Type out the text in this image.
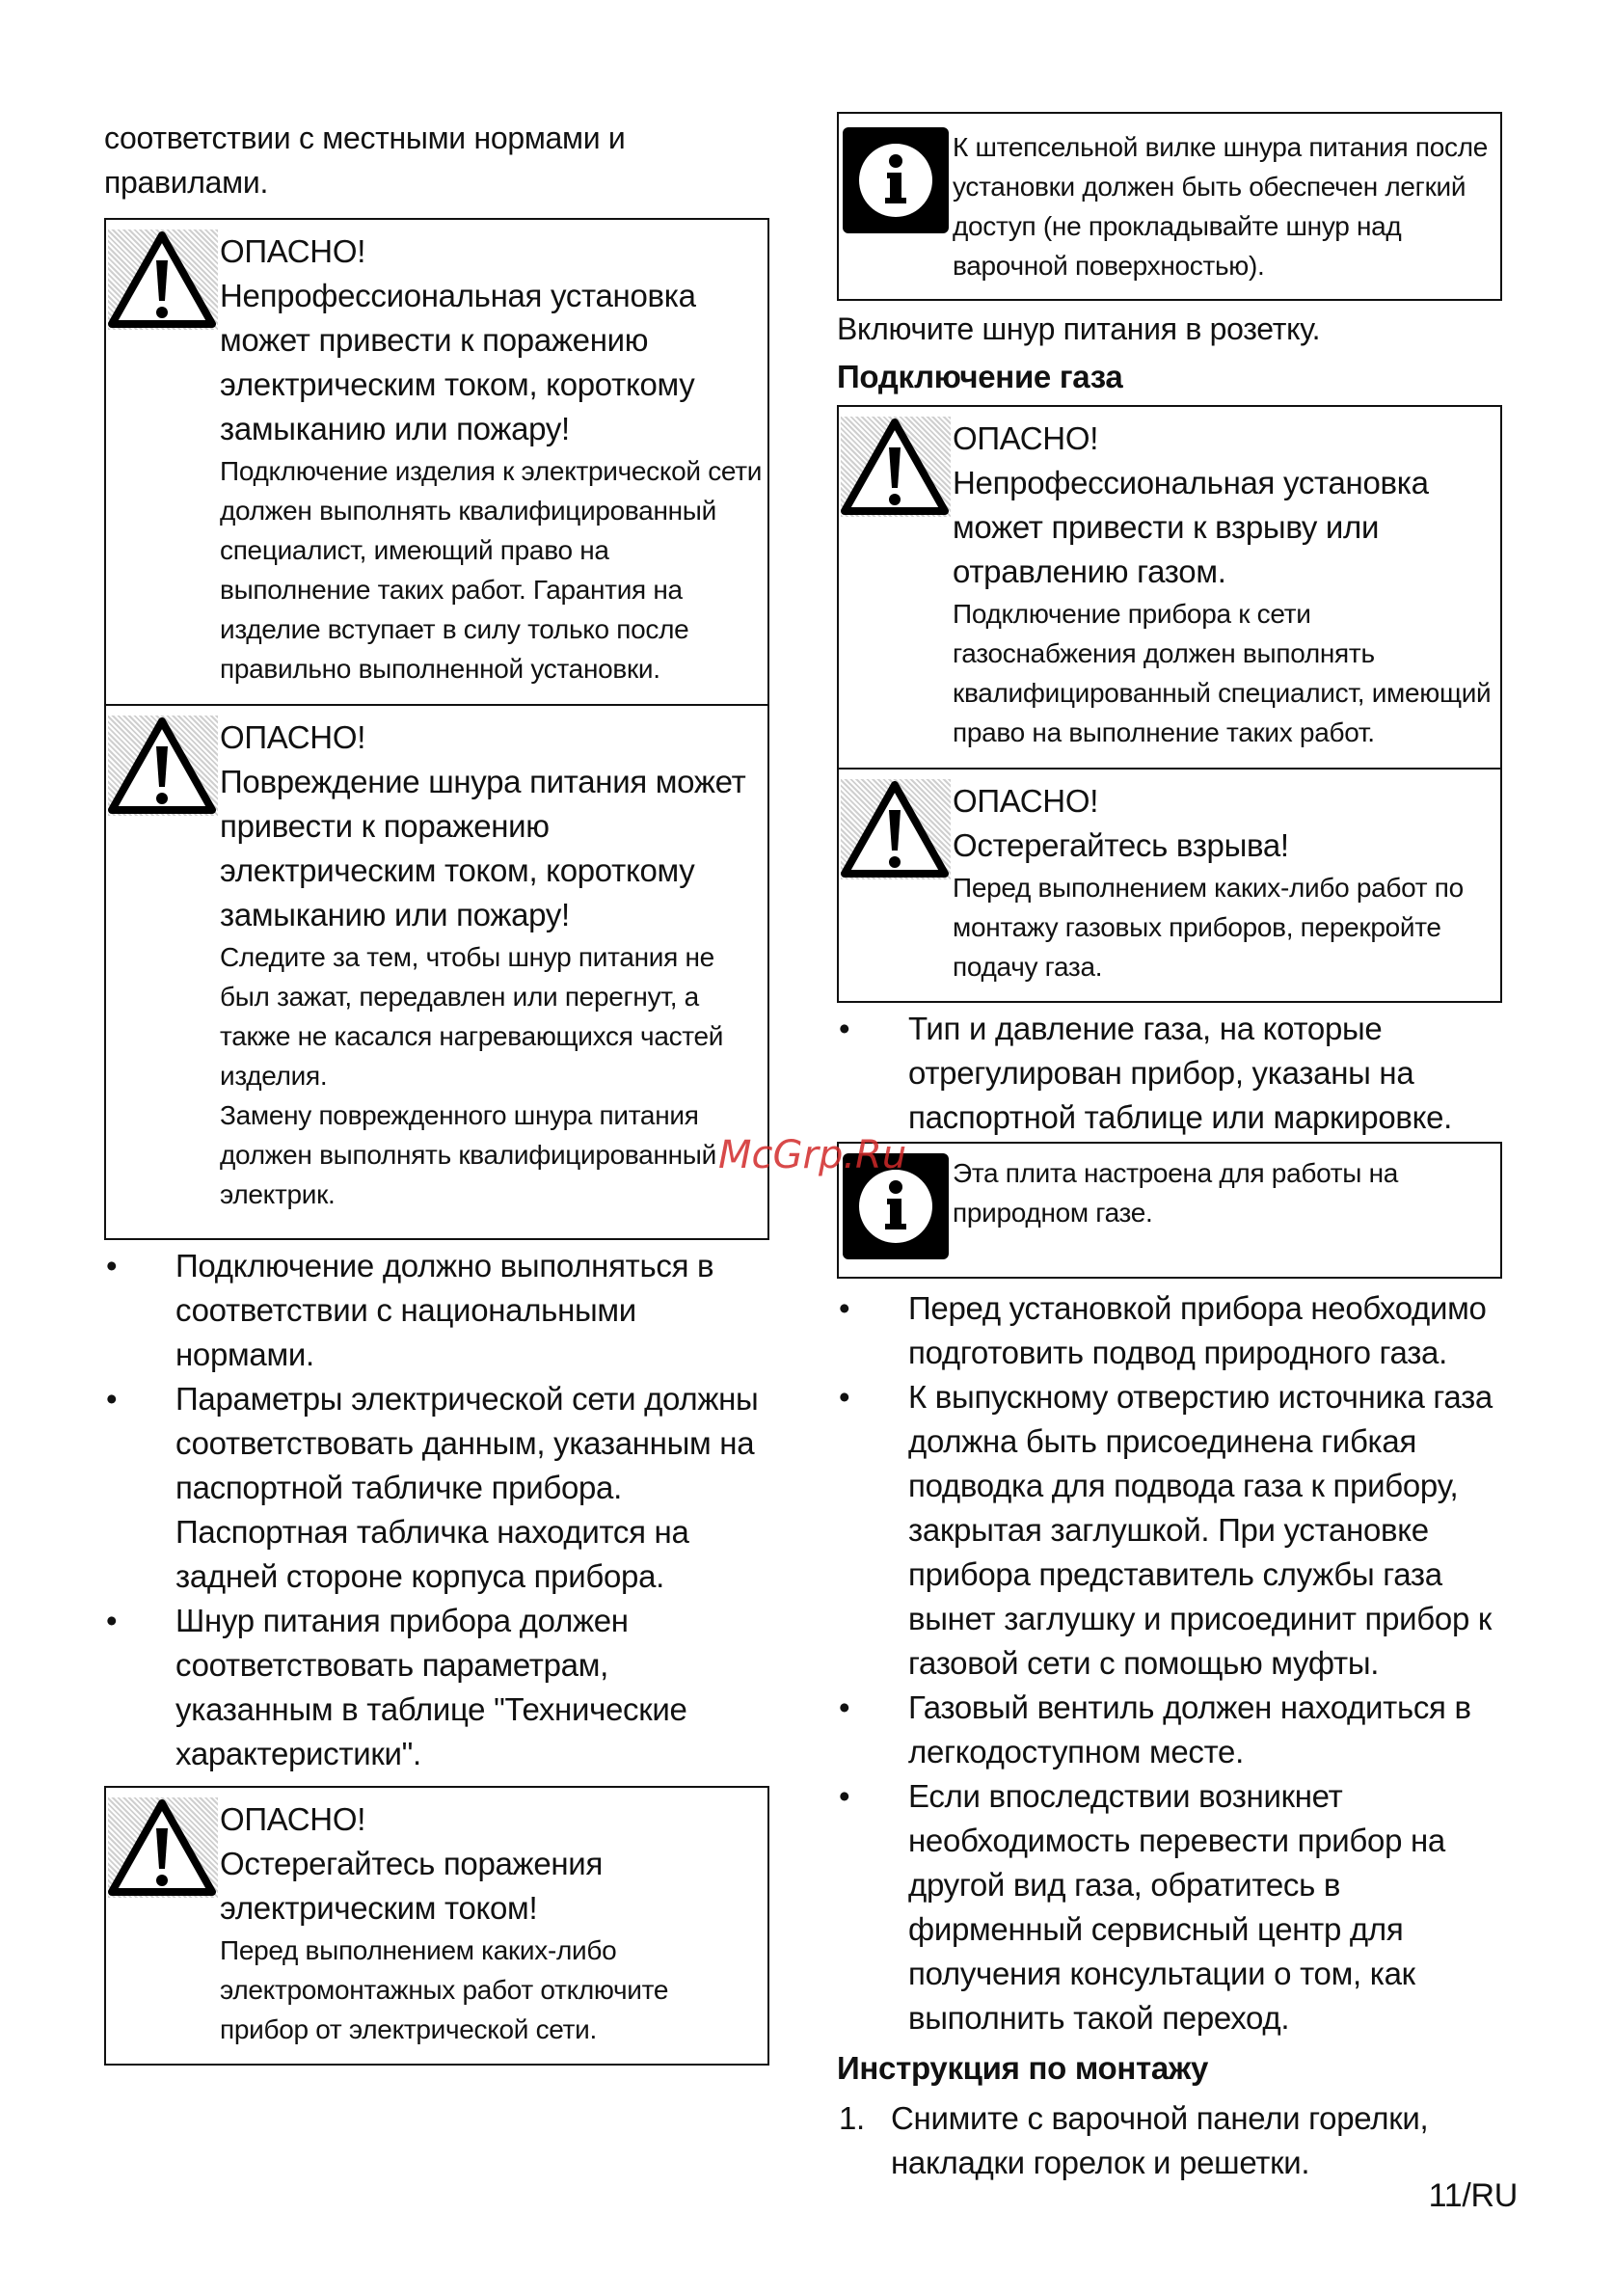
соответствии с местными нормами и правилами.

ОПАСНО!
Непрофессиональная установка может привести к поражению электрическим током, короткому замыканию или пожару!
Подключение изделия к электрической сети должен выполнять квалифицированный специалист, имеющий право на выполнение таких работ. Гарантия на изделие вступает в силу только после правильно выполненной установки.
ОПАСНО!
Повреждение шнура питания может привести к поражению электрическим током, короткому замыканию или пожару!
Следите за тем, чтобы шнур питания не был зажат, передавлен или перегнут, а также не касался нагревающихся частей изделия.
Замену поврежденного шнура питания должен выполнять квалифицированный электрик.
• Подключение должно выполняться в соответствии с национальными нормами.
• Параметры электрической сети должны соответствовать данным, указанным на паспортной табличке прибора. Паспортная табличка находится на задней стороне корпуса прибора.
• Шнур питания прибора должен соответствовать параметрам, указанным в таблице "Технические характеристики".
ОПАСНО!
Остерегайтесь поражения электрическим током!
Перед выполнением каких-либо электромонтажных работ отключите прибор от электрической сети.
К штепсельной вилке шнура питания после установки должен быть обеспечен легкий доступ (не прокладывайте шнур над варочной поверхностью).

Включите шнур питания в розетку.

Подключение газа
ОПАСНО!
Непрофессиональная установка может привести к взрыву или отравлению газом.
Подключение прибора к сети газоснабжения должен выполнять квалифицированный специалист, имеющий право на выполнение таких работ.
ОПАСНО!
Остерегайтесь взрыва!
Перед выполнением каких-либо работ по монтажу газовых приборов, перекройте подачу газа.
• Тип и давление газа, на которые отрегулирован прибор, указаны на паспортной таблице или маркировке.
Эта плита настроена для работы на природном газе.
• Перед установкой прибора необходимо подготовить подвод природного газа.
• К выпускному отверстию источника газа должна быть присоединена гибкая подводка для подвода газа к прибору, закрытая заглушкой. При установке прибора представитель службы газа вынет заглушку и присоединит прибор к газовой сети с помощью муфты.
• Газовый вентиль должен находиться в легкодоступном месте.
• Если впоследствии возникнет необходимость перевести прибор на другой вид газа, обратитесь в фирменный сервисный центр для получения консультации о том, как выполнить такой переход.
Инструкция по монтажу
1. Снимите с варочной панели горелки, накладки горелок и решетки.
McGrp.Ru
11/RU
